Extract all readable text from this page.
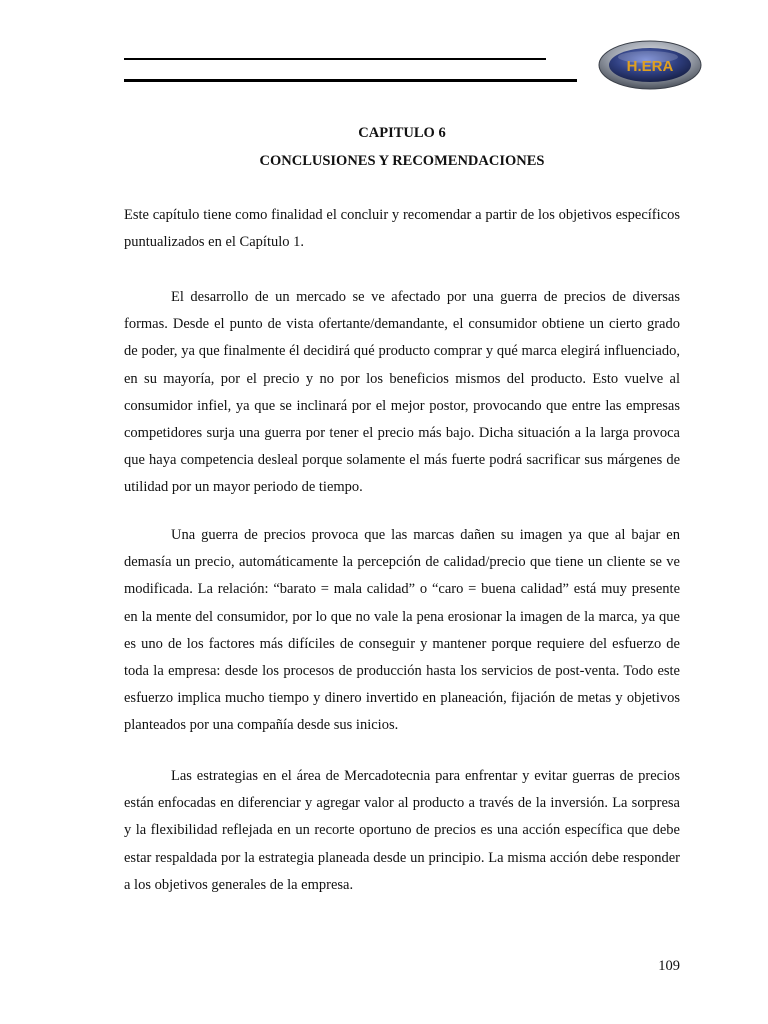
H.ERA
CAPITULO 6
CONCLUSIONES Y RECOMENDACIONES

Este capítulo tiene como finalidad el concluir y recomendar a partir de los objetivos específicos puntualizados en el Capítulo 1.

El desarrollo de un mercado se ve afectado por una guerra de precios de diversas formas. Desde el punto de vista ofertante/demandante, el consumidor obtiene un cierto grado de poder, ya que finalmente él decidirá qué producto comprar y qué marca elegirá influenciado, en su mayoría, por el precio y no por los beneficios mismos del producto. Esto vuelve al consumidor infiel, ya que se inclinará por el mejor postor, provocando que entre las empresas competidores surja una guerra por tener el precio más bajo. Dicha situación a la larga provoca que haya competencia desleal porque solamente el más fuerte podrá sacrificar sus márgenes de utilidad por un mayor periodo de tiempo.

Una guerra de precios provoca que las marcas dañen su imagen ya que al bajar en demasía un precio, automáticamente la percepción de calidad/precio que tiene un cliente se ve modificada. La relación: “barato = mala calidad” o “caro = buena calidad” está muy presente en la mente del consumidor, por lo que no vale la pena erosionar la imagen de la marca, ya que es uno de los factores más difíciles de conseguir y mantener porque requiere del esfuerzo de toda la empresa: desde los procesos de producción hasta los servicios de post-venta. Todo este esfuerzo implica mucho tiempo y dinero invertido en planeación, fijación de metas y objetivos planteados por una compañía desde sus inicios.

Las estrategias en el área de Mercadotecnia para enfrentar y evitar guerras de precios están enfocadas en diferenciar y agregar valor al producto a través de la inversión. La sorpresa y la flexibilidad reflejada en un recorte oportuno de precios es una acción específica que debe estar respaldada por la estrategia planeada desde un principio. La misma acción debe responder a los objetivos generales de la empresa.

109
